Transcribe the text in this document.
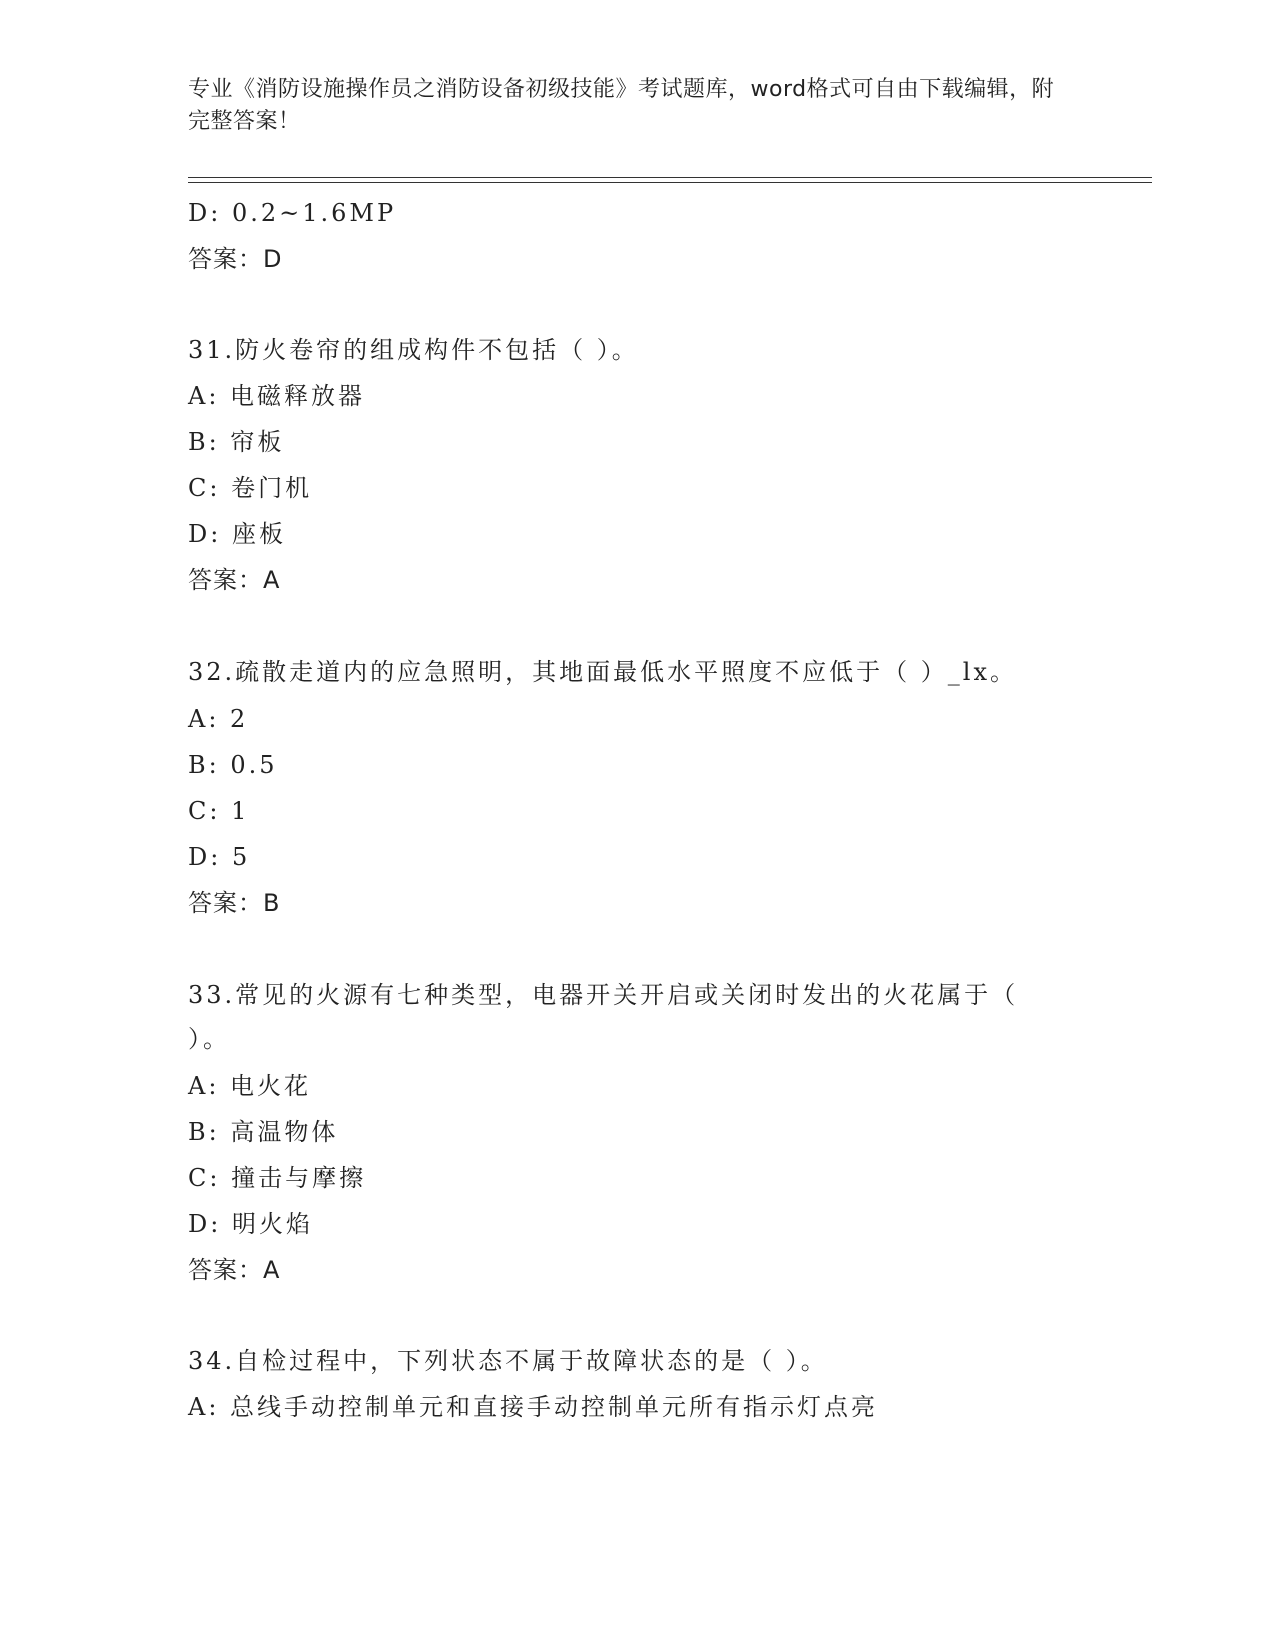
专业《消防设施操作员之消防设备初级技能》考试题库，word格式可自由下载编辑，附完整答案！
D: 0.2~1.6MP
答案：D
31.防火卷帘的组成构件不包括（ ）。
A: 电磁释放器
B: 帘板
C: 卷门机
D: 座板
答案：A
32.疏散走道内的应急照明，其地面最低水平照度不应低于（ ）_lx。
A: 2
B: 0.5
C: 1
D: 5
答案：B
33.常见的火源有七种类型，电器开关开启或关闭时发出的火花属于（ ）。
A: 电火花
B: 高温物体
C: 撞击与摩擦
D: 明火焰
答案：A
34.自检过程中，下列状态不属于故障状态的是（ ）。
A: 总线手动控制单元和直接手动控制单元所有指示灯点亮
